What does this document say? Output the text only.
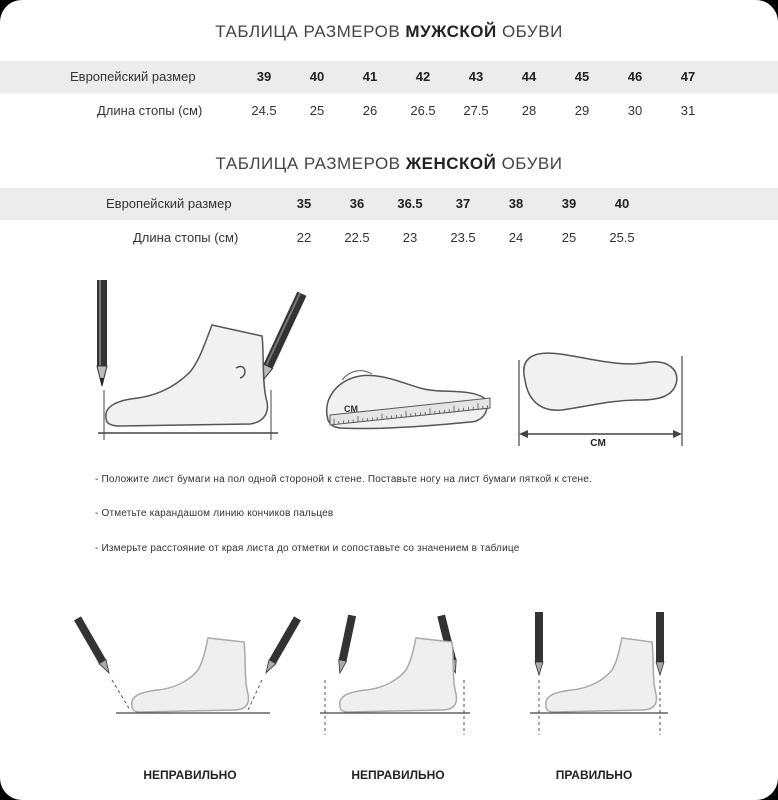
ТАБЛИЦА РАЗМЕРОВ МУЖСКОЙ ОБУВИ
Европейский размер	39	40	41	42	43	44	45	46	47
Длина стопы (см)	24.5	25	26	26.5	27.5	28	29	30	31
ТАБЛИЦА РАЗМЕРОВ ЖЕНСКОЙ ОБУВИ
Европейский размер	35	36	36.5	37	38	39	40
Длина стопы (см)	22	22.5	23	23.5	24	25	25.5
CM
CM
- Положите лист бумаги на пол одной стороной к стене. Поставьте ногу на лист бумаги пяткой к стене.
- Отметьте карандашом линию кончиков пальцев
- Измерьте расстояние от края листа до отметки и сопоставьте со значением в таблице
НЕПРАВИЛЬНО	НЕПРАВИЛЬНО	ПРАВИЛЬНО
